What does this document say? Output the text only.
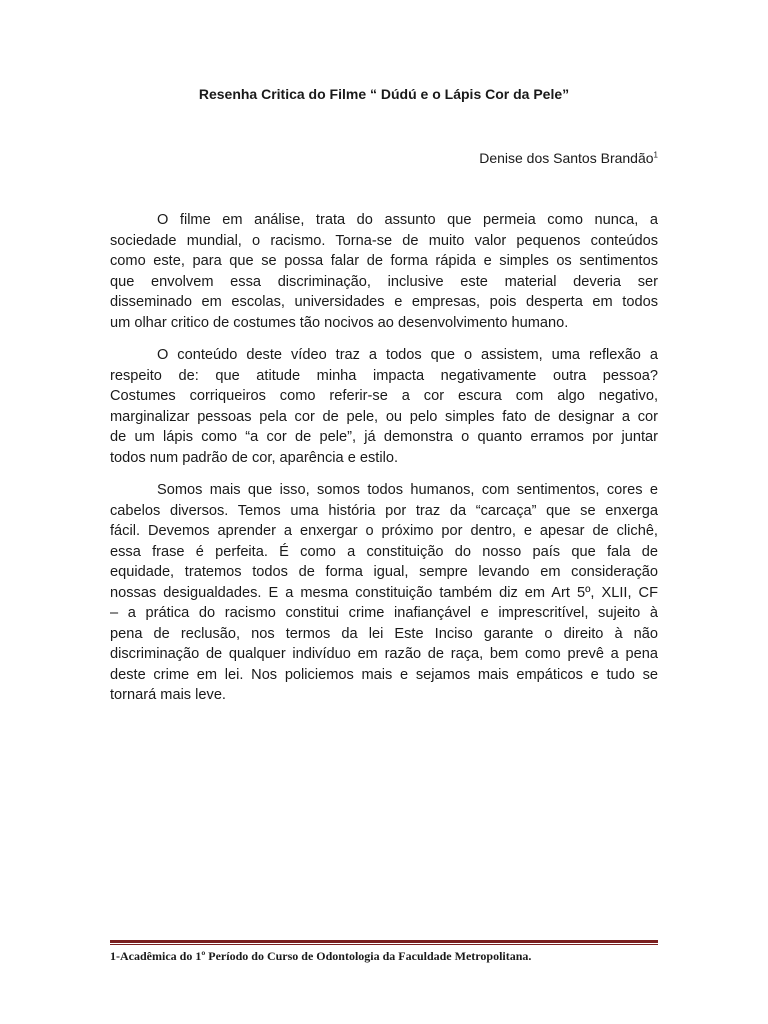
Resenha Critica do Filme “ Dúdú e o Lápis Cor da Pele”
Denise dos Santos Brandão$^1$

O filme em análise, trata do assunto que permeia como nunca, a
sociedade mundial, o racismo. Torna-se de muito valor pequenos conteúdos
como este, para que se possa falar de forma rápida e simples os sentimentos
que envolvem essa discriminação, inclusive este material deveria ser
disseminado em escolas, universidades e empresas, pois desperta em todos
um olhar critico de costumes tão nocivos ao desenvolvimento humano.

O conteúdo deste vídeo traz a todos que o assistem, uma reflexão a
respeito de: que atitude minha impacta negativamente outra pessoa?
Costumes corriqueiros como referir-se a cor escura com algo negativo,
marginalizar pessoas pela cor de pele, ou pelo simples fato de designar a cor
de um lápis como “a cor de pele”, já demonstra o quanto erramos por juntar
todos num padrão de cor, aparência e estilo.

Somos mais que isso, somos todos humanos, com sentimentos, cores e
cabelos diversos. Temos uma história por traz da “carcaça” que se enxerga
fácil. Devemos aprender a enxergar o próximo por dentro, e apesar de clichê,
essa frase é perfeita. É como a constituição do nosso país que fala de
equidade, tratemos todos de forma igual, sempre levando em consideração
nossas desigualdades. E a mesma constituição também diz em Art 5º, XLII, CF
– a prática do racismo constitui crime inafiançável e imprescritível, sujeito à
pena de reclusão, nos termos da lei Este Inciso garante o direito à não
discriminação de qualquer indivíduo em razão de raça, bem como prevê a pena
deste crime em lei. Nos policiemos mais e sejamos mais empáticos e tudo se
tornará mais leve.

1-Acadêmica do 1º Período do Curso de Odontologia da Faculdade Metropolitana.
